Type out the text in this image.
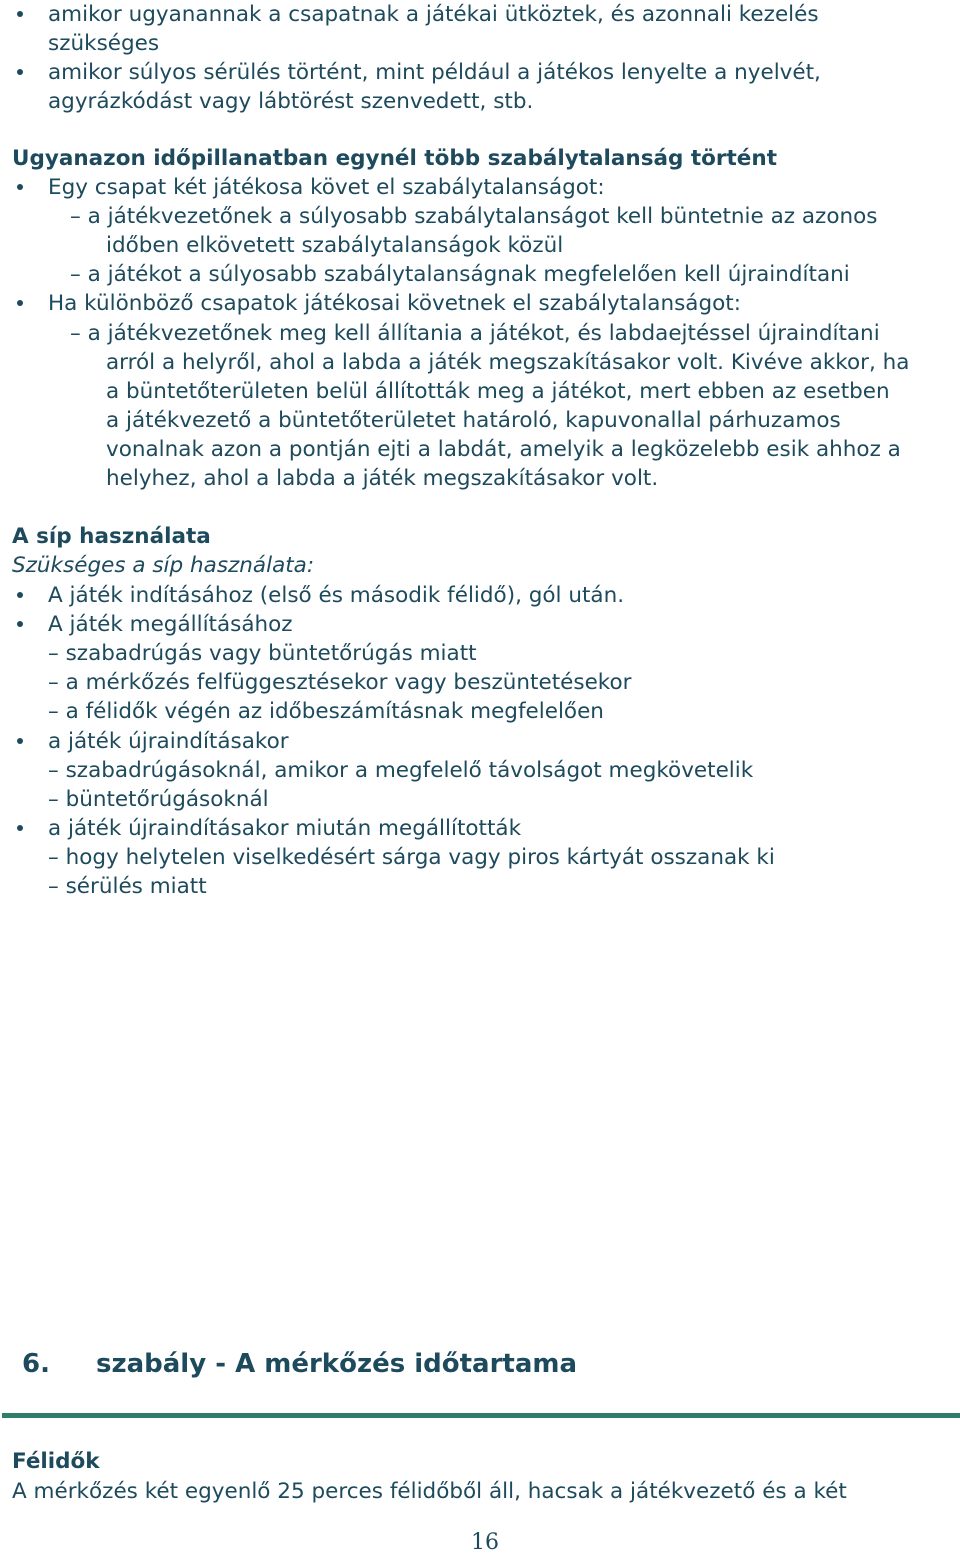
amikor ugyanannak a csapatnak a játékai ütköztek, és azonnali kezelés
szükséges
amikor súlyos sérülés történt, mint például a játékos lenyelte a nyelvét,
agyrázkódást vagy lábtörést szenvedett, stb.
Ugyanazon időpillanatban egynél több szabálytalanság történt
Egy csapat két játékosa követ el szabálytalanságot:
– a játékvezetőnek a súlyosabb szabálytalanságot kell büntetnie az azonos
időben elkövetett szabálytalanságok közül
– a játékot a súlyosabb szabálytalanságnak megfelelően kell újraindítani
Ha különböző csapatok játékosai követnek el szabálytalanságot:
– a játékvezetőnek meg kell állítania a játékot, és labdaejtéssel újraindítani
arról a helyről, ahol a labda a játék megszakításakor volt. Kivéve akkor, ha
a büntetőterületen belül állították meg a játékot, mert ebben az esetben
a játékvezető a büntetőterületet határoló, kapuvonallal párhuzamos
vonalnak azon a pontján ejti a labdát, amelyik a legközelebb esik ahhoz a
helyhez, ahol a labda a játék megszakításakor volt.
A síp használata
Szükséges a síp használata:
A játék indításához (első és második félidő), gól után.
A játék megállításához
– szabadrúgás vagy büntetőrúgás miatt
– a mérkőzés felfüggesztésekor vagy beszüntetésekor
– a félidők végén az időbeszámításnak megfelelően
a játék újraindításakor
– szabadrúgásoknál, amikor a megfelelő távolságot megkövetelik
– büntetőrúgásoknál
a játék újraindításakor miután megállították
– hogy helytelen viselkedésért sárga vagy piros kártyát osszanak ki
– sérülés miatt
6. szabály - A mérkőzés időtartama
Félidők
A mérkőzés két egyenlő 25 perces félidőből áll, hacsak a játékvezető és a két
16
